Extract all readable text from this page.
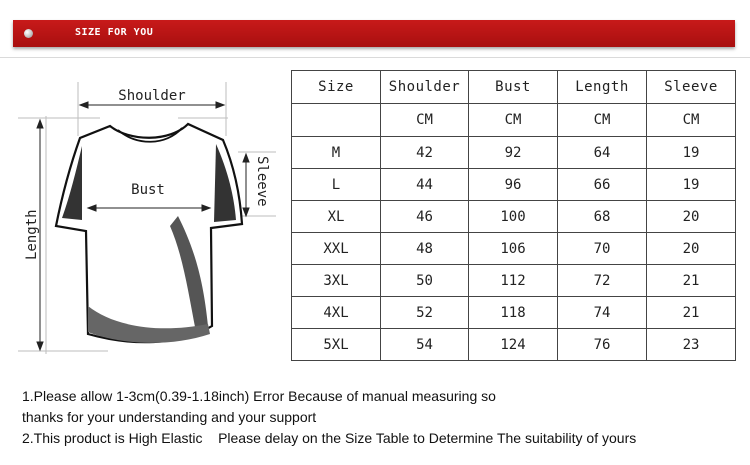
SIZE FOR YOU
Shoulder
Bust	Sleeve
Length
Size	Shoulder	Bust	Length	Sleeve
	CM	CM	CM	CM
M	42	92	64	19
L	44	96	66	19
XL	46	100	68	20
XXL	48	106	70	20
3XL	50	112	72	21
4XL	52	118	74	21
5XL	54	124	76	23
1.Please allow 1-3cm(0.39-1.18inch) Error Because of manual measuring so
thanks for your understanding and your support
2.This product is High Elastic    Please delay on the Size Table to Determine The suitability of yours
